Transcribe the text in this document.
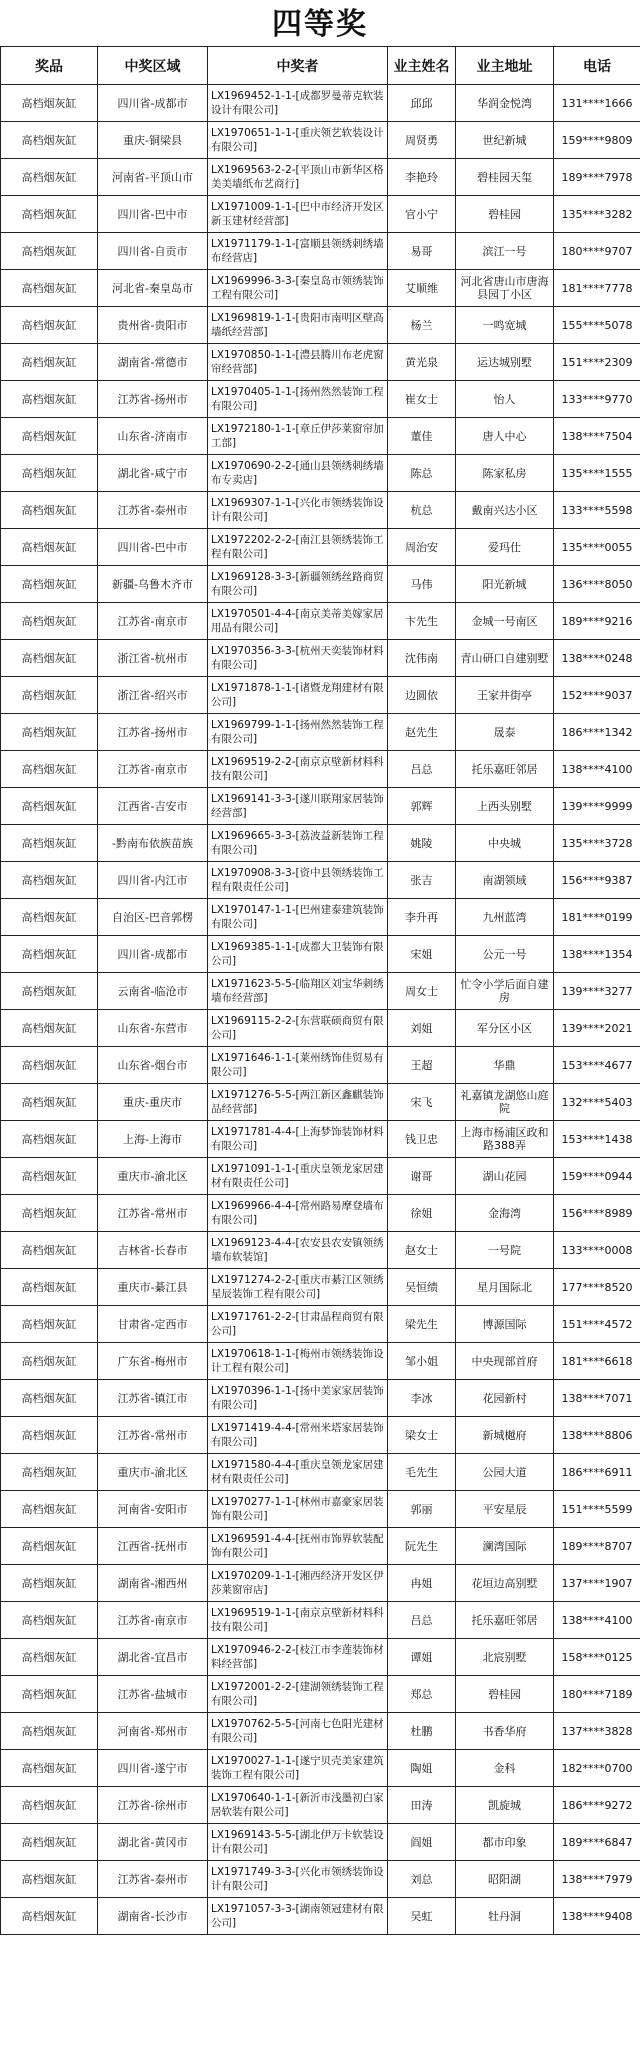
四等奖
奖品	中奖区域	中奖者	业主姓名	业主地址	电话
高档烟灰缸	四川省-成都市	LX1969452-1-1-[成都罗曼蒂克软装设计有限公司]	邱邱	华润金悦湾	131****1666
高档烟灰缸	重庆-铜梁县	LX1970651-1-1-[重庆领艺软装设计有限公司]	周贤勇	世纪新城	159****9809
高档烟灰缸	河南省-平顶山市	LX1969563-2-2-[平顶山市新华区格美美墙纸布艺商行]	李艳玲	碧桂园天玺	189****7978
高档烟灰缸	四川省-巴中市	LX1971009-1-1-[巴中市经济开发区新玉建材经营部]	官小宁	碧桂园	135****3282
高档烟灰缸	四川省-自贡市	LX1971179-1-1-[富顺县领绣刺绣墙布经营店]	易哥	滨江一号	180****9707
高档烟灰缸	河北省-秦皇岛市	LX1969996-3-3-[秦皇岛市领绣装饰工程有限公司]	艾顺维	河北省唐山市唐海县园丁小区	181****7778
高档烟灰缸	贵州省-贵阳市	LX1969819-1-1-[贵阳市南明区壁高墙纸经营部]	杨兰	一鸣宽城	155****5078
高档烟灰缸	湖南省-常德市	LX1970850-1-1-[澧县腾川布老虎窗帘经营部]	黄光泉	运达城别墅	151****2309
高档烟灰缸	江苏省-扬州市	LX1970405-1-1-[扬州然然装饰工程有限公司]	崔女士	怡人	133****9770
高档烟灰缸	山东省-济南市	LX1972180-1-1-[章丘伊莎莱窗帘加工部]	董佳	唐人中心	138****7504
高档烟灰缸	湖北省-咸宁市	LX1970690-2-2-[通山县领绣刺绣墙布专卖店]	陈总	陈家私房	135****1555
高档烟灰缸	江苏省-泰州市	LX1969307-1-1-[兴化市领绣装饰设计有限公司]	杭总	戴南兴达小区	133****5598
高档烟灰缸	四川省-巴中市	LX1972202-2-2-[南江县领绣装饰工程有限公司]	周治安	爱玛仕	135****0055
高档烟灰缸	新疆-乌鲁木齐市	LX1969128-3-3-[新疆领绣丝路商贸有限公司]	马伟	阳光新城	136****8050
高档烟灰缸	江苏省-南京市	LX1970501-4-4-[南京美蒂美嫁家居用品有限公司]	卞先生	金城一号南区	189****9216
高档烟灰缸	浙江省-杭州市	LX1970356-3-3-[杭州天奕装饰材料有限公司]	沈伟南	青山研口自建别墅	138****0248
高档烟灰缸	浙江省-绍兴市	LX1971878-1-1-[诸暨龙翔建材有限公司]	边圆依	王家井街亭	152****9037
高档烟灰缸	江苏省-扬州市	LX1969799-1-1-[扬州然然装饰工程有限公司]	赵先生	晟泰	186****1342
高档烟灰缸	江苏省-南京市	LX1969519-2-2-[南京京壁新材料科技有限公司]	吕总	托乐嘉旺邻居	138****4100
高档烟灰缸	江西省-吉安市	LX1969141-3-3-[遂川联翔家居装饰经营部]	郭辉	上西头别墅	139****9999
高档烟灰缸	-黔南布依族苗族	LX1969665-3-3-[荔波益新装饰工程有限公司]	姚陵	中央城	135****3728
高档烟灰缸	四川省-内江市	LX1970908-3-3-[资中县领绣装饰工程有限责任公司]	张吉	南湖领域	156****9387
高档烟灰缸	自治区-巴音郭楞	LX1970147-1-1-[巴州建泰建筑装饰有限公司]	李升再	九州蓝湾	181****0199
高档烟灰缸	四川省-成都市	LX1969385-1-1-[成都大卫装饰有限公司]	宋姐	公元一号	138****1354
高档烟灰缸	云南省-临沧市	LX1971623-5-5-[临翔区刘宝华刺绣墙布经营部]	周女士	忙令小学后面自建房	139****3277
高档烟灰缸	山东省-东营市	LX1969115-2-2-[东营联硕商贸有限公司]	刘姐	军分区小区	139****2021
高档烟灰缸	山东省-烟台市	LX1971646-1-1-[莱州绣饰佳贸易有限公司]	王超	华鼎	153****4677
高档烟灰缸	重庆-重庆市	LX1971276-5-5-[两江新区鑫麒装饰品经营部]	宋飞	礼嘉镇龙湖悠山庭院	132****5403
高档烟灰缸	上海-上海市	LX1971781-4-4-[上海梦饰装饰材料有限公司]	钱卫忠	上海市杨浦区政和路388弄	153****1438
高档烟灰缸	重庆市-渝北区	LX1971091-1-1-[重庆皇领龙家居建材有限责任公司]	谢哥	湖山花园	159****0944
高档烟灰缸	江苏省-常州市	LX1969966-4-4-[常州路易摩登墙布有限公司]	徐姐	金海湾	156****8989
高档烟灰缸	吉林省-长春市	LX1969123-4-4-[农安县农安镇领绣墙布软装馆]	赵女士	一号院	133****0008
高档烟灰缸	重庆市-綦江县	LX1971274-2-2-[重庆市綦江区领绣星辰装饰工程有限公司]	吴恒绩	星月国际北	177****8520
高档烟灰缸	甘肃省-定西市	LX1971761-2-2-[甘肃晶程商贸有限公司]	梁先生	博源国际	151****4572
高档烟灰缸	广东省-梅州市	LX1970618-1-1-[梅州市领绣装饰设计工程有限公司]	邹小姐	中央现部首府	181****6618
高档烟灰缸	江苏省-镇江市	LX1970396-1-1-[扬中美家家居装饰有限公司]	李冰	花园新村	138****7071
高档烟灰缸	江苏省-常州市	LX1971419-4-4-[常州米塔家居装饰有限公司]	梁女士	新城樾府	138****8806
高档烟灰缸	重庆市-渝北区	LX1971580-4-4-[重庆皇领龙家居建材有限责任公司]	毛先生	公园大道	186****6911
高档烟灰缸	河南省-安阳市	LX1970277-1-1-[林州市嘉豪家居装饰有限公司]	郭丽	平安星辰	151****5599
高档烟灰缸	江西省-抚州市	LX1969591-4-4-[抚州市饰界软装配饰有限公司]	阮先生	澜湾国际	189****8707
高档烟灰缸	湖南省-湘西州	LX1970209-1-1-[湘西经济开发区伊莎莱窗帘店]	冉姐	花垣边高别墅	137****1907
高档烟灰缸	江苏省-南京市	LX1969519-1-1-[南京京壁新材料科技有限公司]	吕总	托乐嘉旺邻居	138****4100
高档烟灰缸	湖北省-宜昌市	LX1970946-2-2-[枝江市李莲装饰材料经营部]	谭姐	北宸别墅	158****0125
高档烟灰缸	江苏省-盐城市	LX1972001-2-2-[建湖领绣装饰工程有限公司]	郑总	碧桂园	180****7189
高档烟灰缸	河南省-郑州市	LX1970762-5-5-[河南七色阳光建材有限公司]	杜鹏	书香华府	137****3828
高档烟灰缸	四川省-遂宁市	LX1970027-1-1-[遂宁贝壳美家建筑装饰工程有限公司]	陶姐	金科	182****0700
高档烟灰缸	江苏省-徐州市	LX1970640-1-1-[新沂市浅墨初白家居软装有限公司]	田涛	凯旋城	186****9272
高档烟灰缸	湖北省-黄冈市	LX1969143-5-5-[湖北伊万卡软装设计有限公司]	阎姐	都市印象	189****6847
高档烟灰缸	江苏省-泰州市	LX1971749-3-3-[兴化市领绣装饰设计有限公司]	刘总	昭阳湖	138****7979
高档烟灰缸	湖南省-长沙市	LX1971057-3-3-[湖南领冠建材有限公司]	吴虹	牡丹洞	138****9408
